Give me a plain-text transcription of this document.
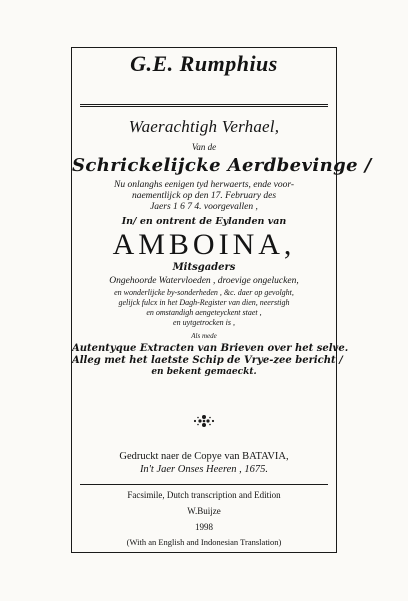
G.E. Rumphius
Waerachtigh Verhael,
Van de
Schrickelijcke Aerdbevinge /
Nu onlanghs eenigen tyd herwaerts, ende voor-
naementlijck op den 17. February des
Jaers 1 6 7 4. voorgevallen ,
In/ en ontrent de Eylanden van
AMBOINA,
Mitsgaders
Ongehoorde Watervloeden , droevige ongelucken,
en wonderlijcke by-sonderheden , &c. daer op gevolght,
gelijck fulcx in het Dagh-Register van dien, neerstigh
en omstandigh aengeteyckent staet ,
en uytgetrocken is ,
Als mede
Autentyque Extracten van Brieven over het selve.
Alleg met het laetste Schip de Vrye-zee bericht /
en bekent gemaeckt.
Gedruckt naer de Copye van BATAVIA,
In't Jaer Onses Heeren , 1675.
Facsimile, Dutch transcription and Edition
W.Buijze
1998
(With an English and Indonesian Translation)
